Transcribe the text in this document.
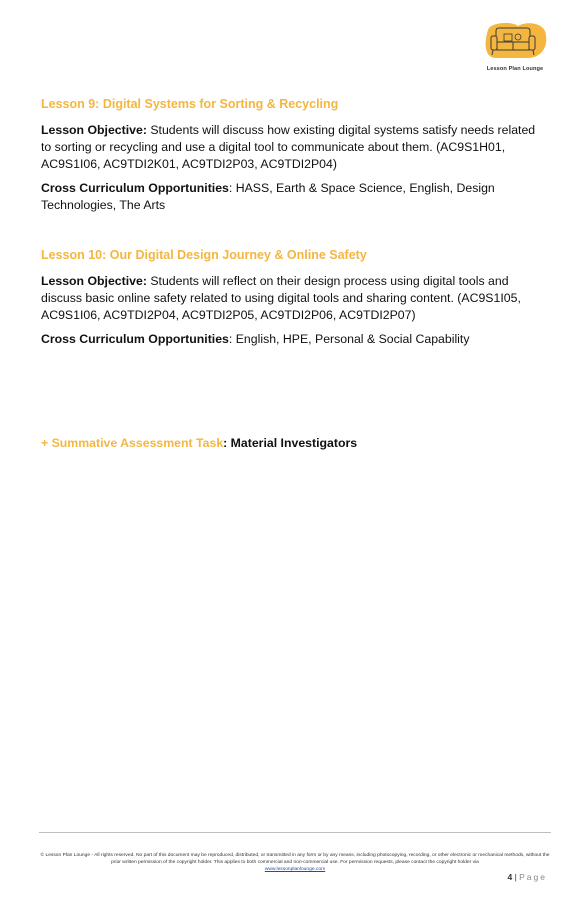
Lesson Plan Lounge
Lesson 9: Digital Systems for Sorting & Recycling

Lesson Objective: Students will discuss how existing digital systems satisfy needs related to sorting or recycling and use a digital tool to communicate about them. (AC9S1H01, AC9S1I06, AC9TDI2K01, AC9TDI2P03, AC9TDI2P04)

Cross Curriculum Opportunities: HASS, Earth & Space Science, English, Design Technologies, The Arts

Lesson 10: Our Digital Design Journey & Online Safety

Lesson Objective: Students will reflect on their design process using digital tools and discuss basic online safety related to using digital tools and sharing content. (AC9S1I05, AC9S1I06, AC9TDI2P04, AC9TDI2P05, AC9TDI2P06, AC9TDI2P07)

Cross Curriculum Opportunities: English, HPE, Personal & Social Capability

+ Summative Assessment Task: Material Investigators
© Lesson Plan Lounge - All rights reserved. No part of this document may be reproduced, distributed, or transmitted in any form or by any means, including photocopying, recording, or other electronic or mechanical methods, without the prior written permission of the copyright holder. This applies to both commercial and non-commercial use. For permission requests, please contact the copyright holder via
www.lessonplanlounge.com
4 | Page
